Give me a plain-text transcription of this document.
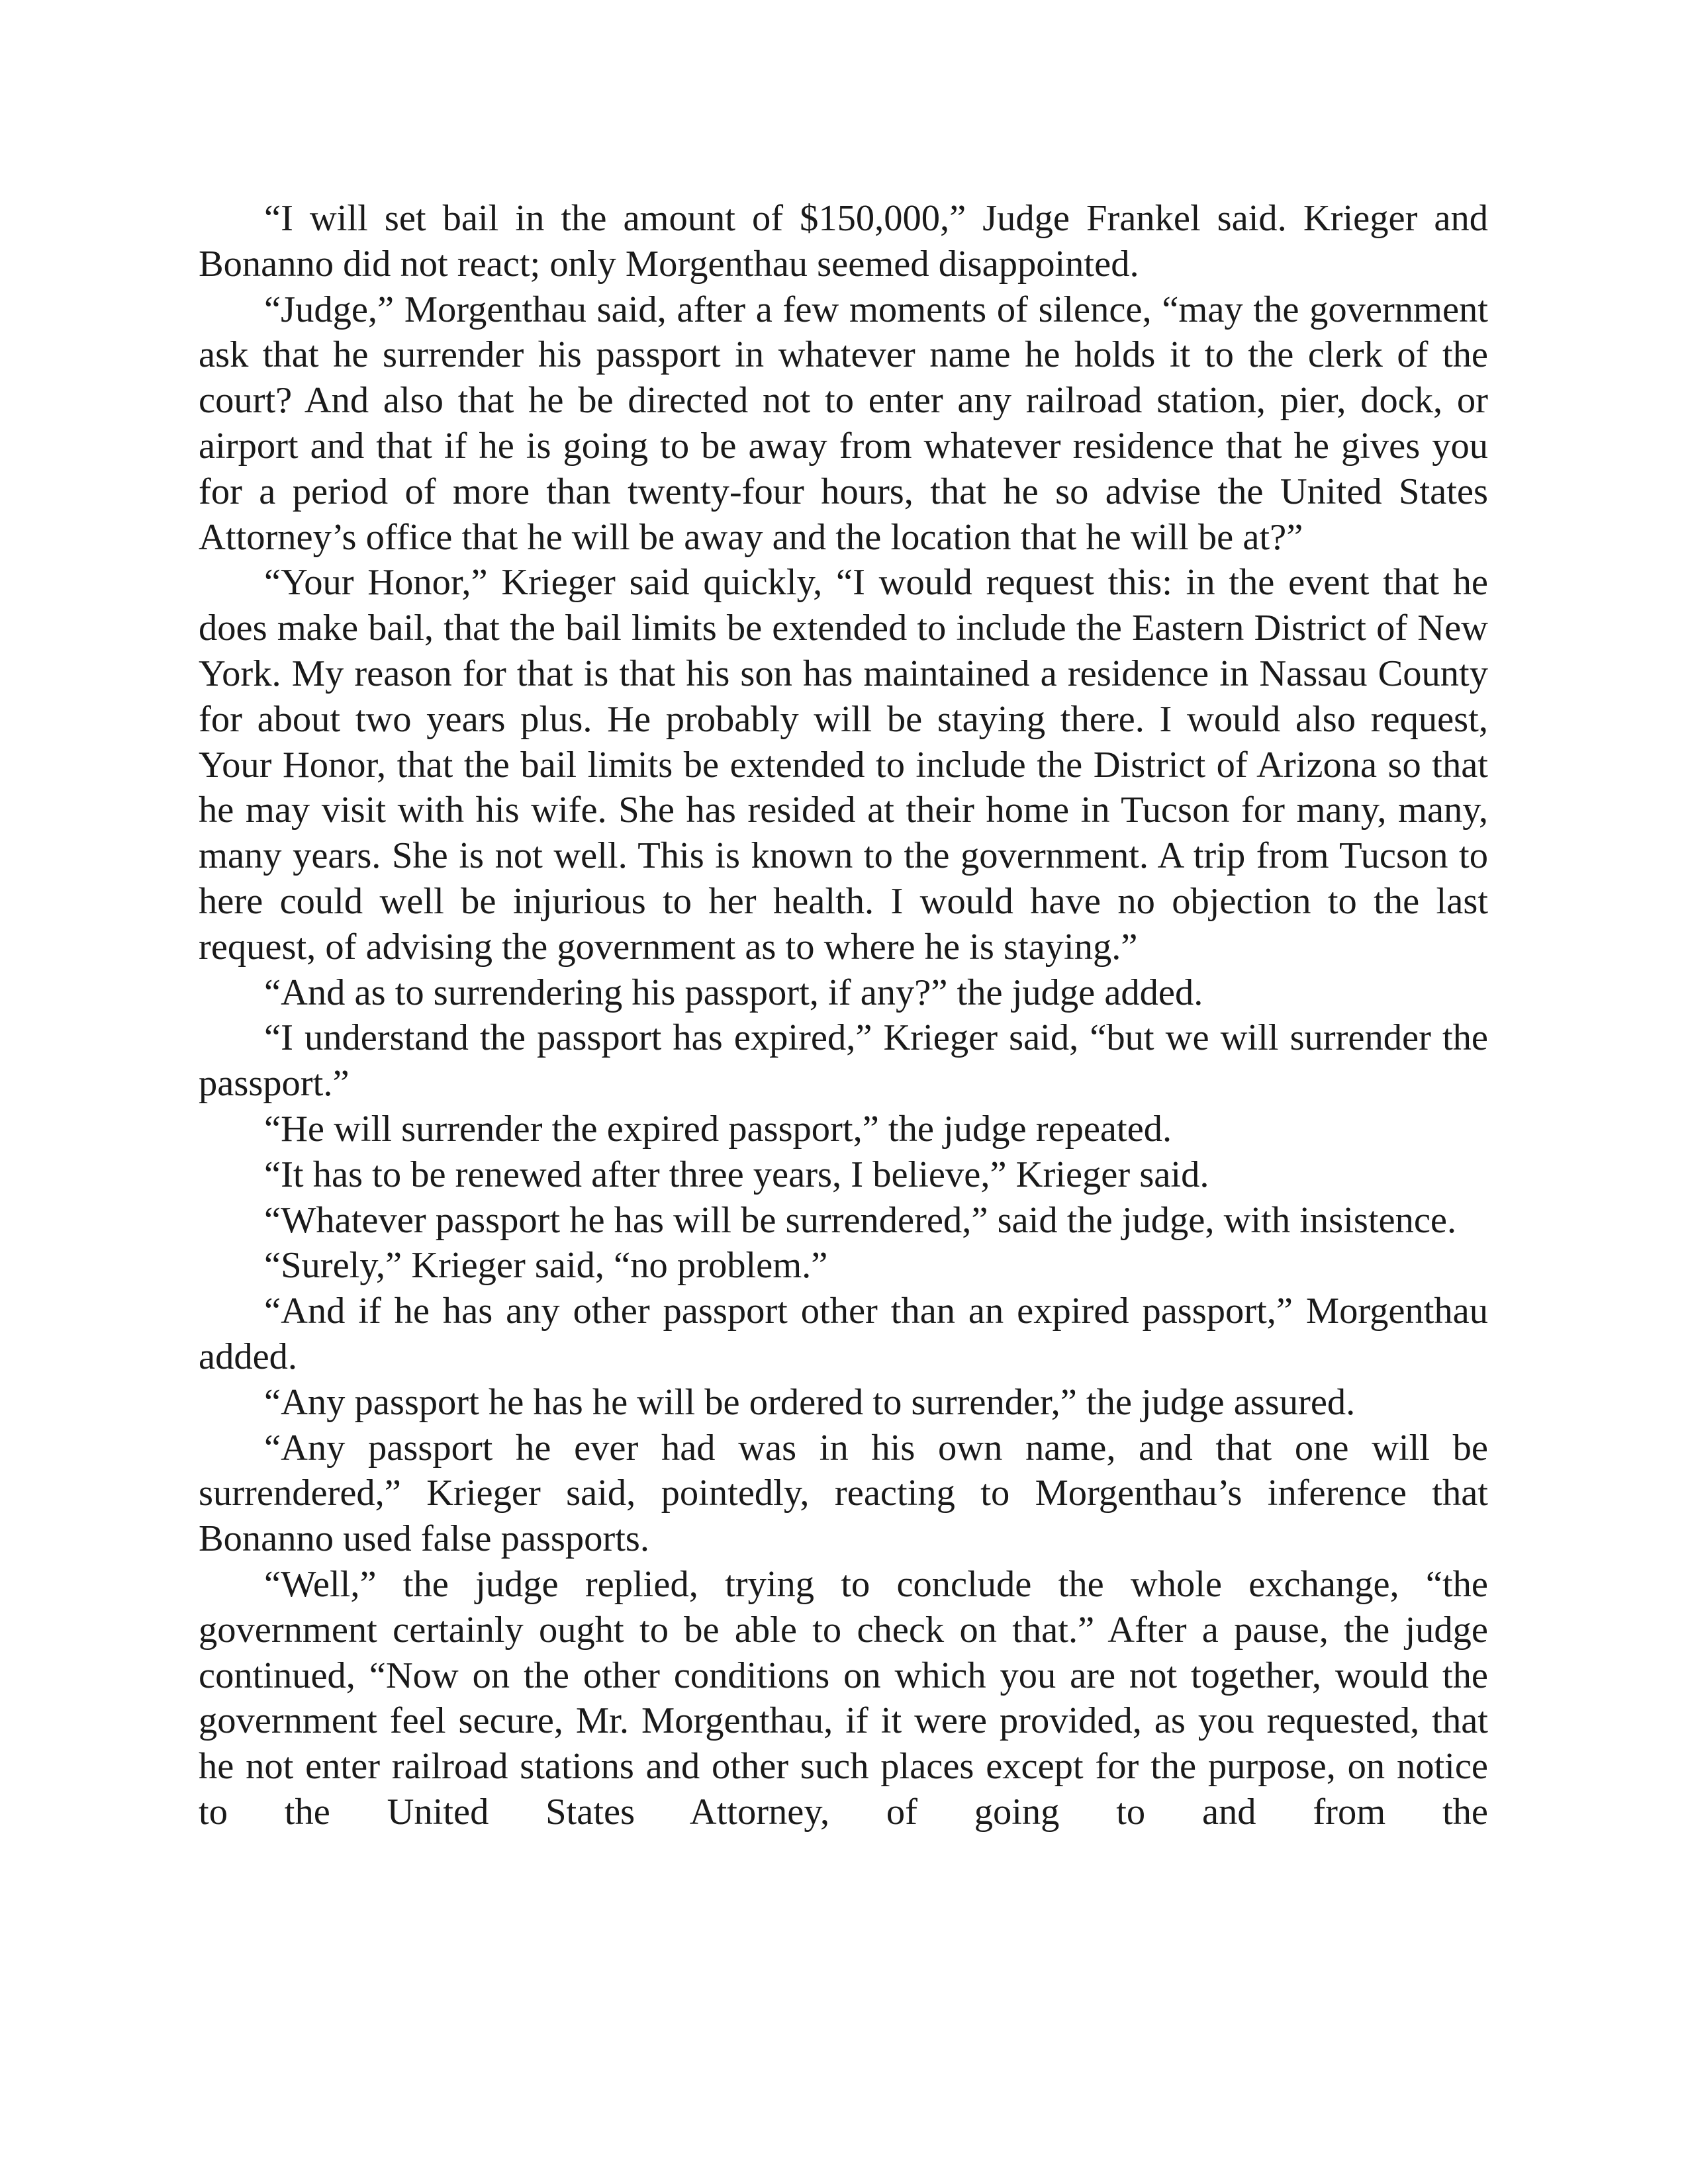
“I will set bail in the amount of $150,000,” Judge Frankel said. Krieger and Bonanno did not react; only Morgenthau seemed disappointed.

“Judge,” Morgenthau said, after a few moments of silence, “may the government ask that he surrender his passport in whatever name he holds it to the clerk of the court? And also that he be directed not to enter any railroad station, pier, dock, or airport and that if he is going to be away from whatever residence that he gives you for a period of more than twenty-four hours, that he so advise the United States Attorney’s office that he will be away and the location that he will be at?”

“Your Honor,” Krieger said quickly, “I would request this: in the event that he does make bail, that the bail limits be extended to include the Eastern District of New York. My reason for that is that his son has maintained a residence in Nassau County for about two years plus. He probably will be staying there. I would also request, Your Honor, that the bail limits be extended to include the District of Arizona so that he may visit with his wife. She has resided at their home in Tucson for many, many, many years. She is not well. This is known to the government. A trip from Tucson to here could well be injurious to her health. I would have no objection to the last request, of advising the government as to where he is staying.”

“And as to surrendering his passport, if any?” the judge added.

“I understand the passport has expired,” Krieger said, “but we will surrender the passport.”

“He will surrender the expired passport,” the judge repeated.

“It has to be renewed after three years, I believe,” Krieger said.

“Whatever passport he has will be surrendered,” said the judge, with insistence.

“Surely,” Krieger said, “no problem.”

“And if he has any other passport other than an expired passport,” Morgenthau added.

“Any passport he has he will be ordered to surrender,” the judge assured.

“Any passport he ever had was in his own name, and that one will be surrendered,” Krieger said, pointedly, reacting to Morgenthau’s inference that Bonanno used false passports.

“Well,” the judge replied, trying to conclude the whole exchange, “the government certainly ought to be able to check on that.” After a pause, the judge continued, “Now on the other conditions on which you are not together, would the government feel secure, Mr. Morgenthau, if it were provided, as you requested, that he not enter railroad stations and other such places except for the purpose, on notice to the United States Attorney, of going to and from the
